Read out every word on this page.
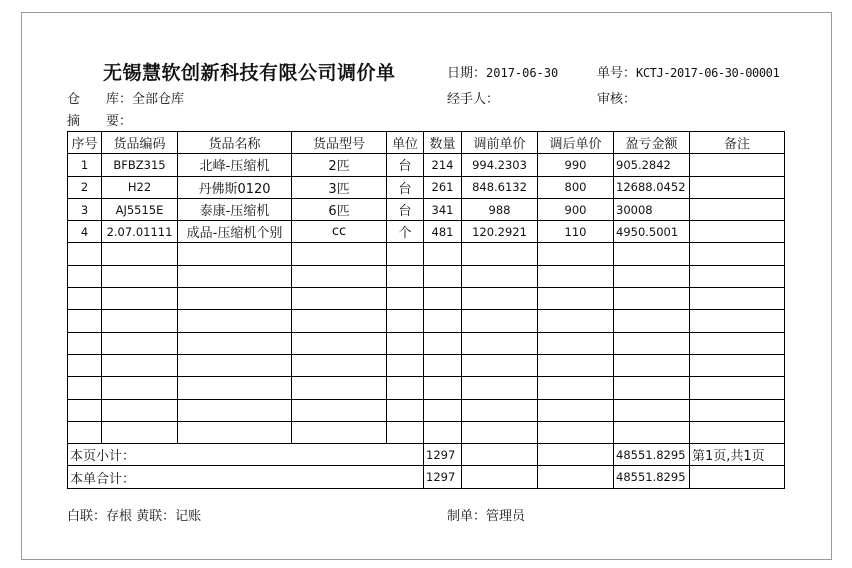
无锡慧软创新科技有限公司调价单	日期：2017-06-30	单号：KCTJ-2017-06-30-00001
仓　　库：全部仓库	经手人：	审核：
摘　　要：
序号	货品编码	货品名称	货品型号	单位	数量	调前单价	调后单价	盈亏金额	备注
1	BFBZ315	北峰-压缩机	2匹	台	214	994.2303	990	905.2842	
2	H22	丹佛斯0120	3匹	台	261	848.6132	800	12688.0452	
3	AJ5515E	泰康-压缩机	6匹	台	341	988	900	30008	
4	2.07.01111	成品-压缩机个别	cc	个	481	120.2921	110	4950.5001	

本页小计：					1297			48551.8295	第1页,共1页
本单合计：					1297			48551.8295	
白联：存根 黄联：记账	制单：管理员
